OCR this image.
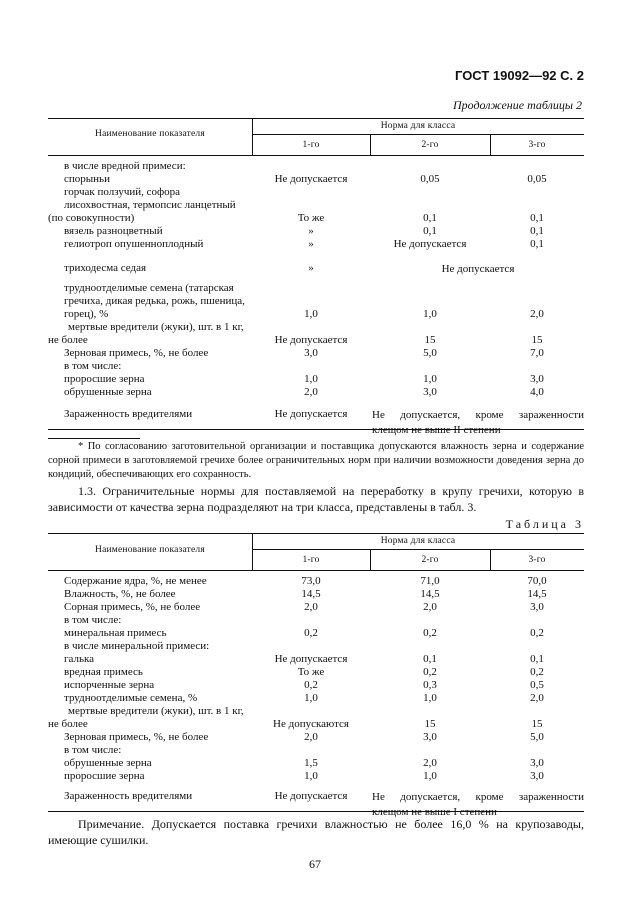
ГОСТ 19092—92 С. 2
Продолжение таблицы 2
Наименование показателя
Норма для класса
1-го	2-го	3-го
в числе вредной примеси:
спорыньи	Не допускается	0,05	0,05
горчак ползучий, софора
лисохвостная, термопсис ланцетный
(по совокупности)	То же	0,1	0,1
вязель разноцветный	»	0,1	0,1
гелиотроп опушенноплодный	»	Не допускается	0,1
триходесма седая	»	Не допускается
трудноотделимые семена (татарская
гречиха, дикая редька, рожь, пшеница,
горец), %	1,0	1,0	2,0
мертвые вредители (жуки), шт. в 1 кг,
не более	Не допускается	15	15
Зерновая примесь, %, не более	3,0	5,0	7,0
в том числе:
проросшие зерна	1,0	1,0	3,0
обрушенные зерна	2,0	3,0	4,0
Зараженность вредителями	Не допускается	Не допускается, кроме зараженности клещом не выше II степени
* По согласованию заготовительной организации и поставщика допускаются влажность зерна и содержание сорной примеси в заготовляемой гречихе более ограничительных норм при наличии возможности доведения зерна до кондиций, обеспечивающих его сохранность.
1.3. Ограничительные нормы для поставляемой на переработку в крупу гречихи, которую в зависимости от качества зерна подразделяют на три класса, представлены в табл. 3.
Таблица 3
Наименование показателя
Норма для класса
1-го	2-го	3-го
Содержание ядра, %, не менее	73,0	71,0	70,0
Влажность, %, не более	14,5	14,5	14,5
Сорная примесь, %, не более	2,0	2,0	3,0
в том числе:
минеральная примесь	0,2	0,2	0,2
в числе минеральной примеси:
галька	Не допускается	0,1	0,1
вредная примесь	То же	0,2	0,2
испорченные зерна	0,2	0,3	0,5
трудноотделимые семена, %	1,0	1,0	2,0
мертвые вредители (жуки), шт. в 1 кг,
не более	Не допускаются	15	15
Зерновая примесь, %, не более	2,0	3,0	5,0
в том числе:
обрушенные зерна	1,5	2,0	3,0
проросшие зерна	1,0	1,0	3,0
Зараженность вредителями	Не допускается	Не допускается, кроме зараженности клещом не выше I степени
Примечание. Допускается поставка гречихи влажностью не более 16,0 % на крупозаводы, имеющие сушилки.
67
